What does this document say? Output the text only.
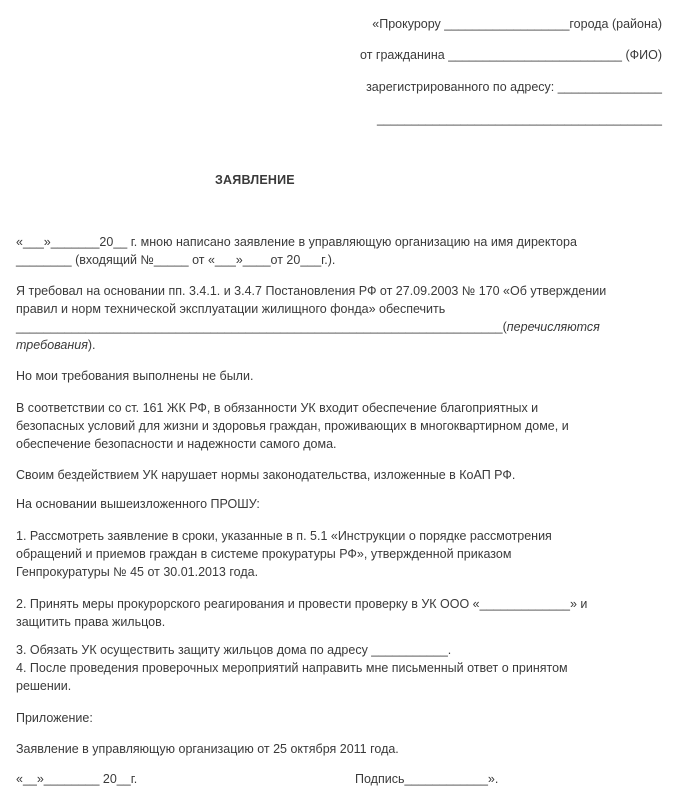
«Прокурору __________________города (района)
от гражданина _________________________ (ФИО)
зарегистрированного по адресу: _______________
_________________________________________
ЗАЯВЛЕНИЕ
«___»_______20__ г. мною написано заявление в управляющую организацию на имя директора
________ (входящий №_____ от «___»____от 20___г.).
Я требовал на основании пп. 3.4.1. и 3.4.7 Постановления РФ от 27.09.2003 № 170 «Об утверждении
правил и норм технической эксплуатации жилищного фонда» обеспечить
______________________________________________________________________(перечисляются
требования).
Но мои требования выполнены не были.
В соответствии со ст. 161 ЖК РФ, в обязанности УК входит обеспечение благоприятных и
безопасных условий для жизни и здоровья граждан, проживающих в многоквартирном доме, и
обеспечение безопасности и надежности самого дома.
Своим бездействием УК нарушает нормы законодательства, изложенные в КоАП РФ.
На основании вышеизложенного ПРОШУ:
1. Рассмотреть заявление в сроки, указанные в п. 5.1 «Инструкции о порядке рассмотрения
обращений и приемов граждан в системе прокуратуры РФ», утвержденной приказом
Генпрокуратуры № 45 от 30.01.2013 года.
2. Принять меры прокурорского реагирования и провести проверку в УК ООО «_____________» и
защитить права жильцов.
3. Обязать УК осуществить защиту жильцов дома по адресу ___________.
4. После проведения проверочных мероприятий направить мне письменный ответ о принятом
решении.
Приложение:
Заявление в управляющую организацию от 25 октября 2011 года.
«__»________ 20__г.	Подпись____________».
